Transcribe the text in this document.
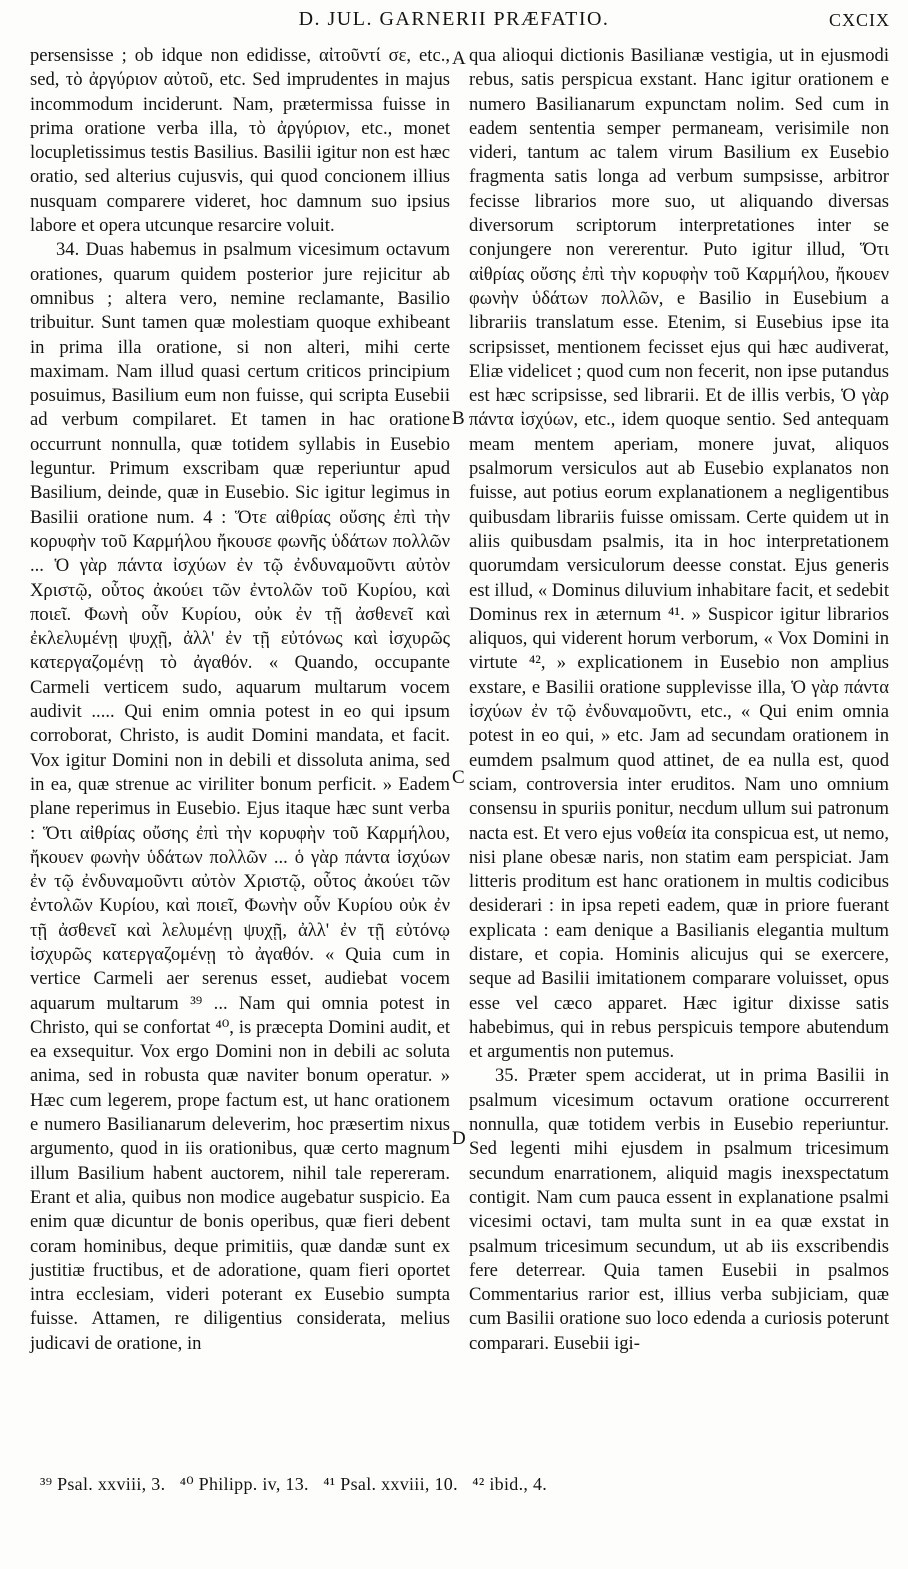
D. JUL. GARNERII PRÆFATIO.	CXCIX

persensisse ; ob idque non edidisse, αἰτοῦντί σε, etc., sed, τὸ ἀργύριον αὐτοῦ, etc. Sed imprudentes in majus incommodum inciderunt. Nam, prætermissa fuisse in prima oratione verba illa, τὸ ἀργύριον, etc., monet locupletissimus testis Basilius. Basilii igitur non est hæc oratio, sed alterius cujusvis, qui quod concionem illius nusquam comparere videret, hoc damnum suo ipsius labore et opera utcunque resarcire voluit.

34. Duas habemus in psalmum vicesimum octavum orationes, quarum quidem posterior jure rejicitur ab omnibus ; altera vero, nemine reclamante, Basilio tribuitur. Sunt tamen quæ molestiam quoque exhibeant in prima illa oratione, si non alteri, mihi certe maximam. Nam illud quasi certum criticos principium posuimus, Basilium eum non fuisse, qui scripta Eusebii ad verbum compilaret. Et tamen in hac oratione occurrunt nonnulla, quæ totidem syllabis in Eusebio leguntur. Primum exscribam quæ reperiuntur apud Basilium, deinde, quæ in Eusebio. Sic igitur legimus in Basilii oratione num. 4 : Ὅτε αἰθρίας οὔσης ἐπὶ τὴν κορυφὴν τοῦ Καρμήλου ἤκουσε φωνῆς ὑδάτων πολλῶν ... Ὁ γὰρ πάντα ἰσχύων ἐν τῷ ἐνδυναμοῦντι αὐτὸν Χριστῷ, οὗτος ἀκούει τῶν ἐντολῶν τοῦ Κυρίου, καὶ ποιεῖ. Φωνὴ οὖν Κυρίου, οὐκ ἐν τῇ ἀσθενεῖ καὶ ἐκλελυμένῃ ψυχῇ, ἀλλ' ἐν τῇ εὐτόνως καὶ ἰσχυρῶς κατεργαζομένῃ τὸ ἀγαθόν. « Quando, occupante Carmeli verticem sudo, aquarum multarum vocem audivit ..... Qui enim omnia potest in eo qui ipsum corroborat, Christo, is audit Domini mandata, et facit. Vox igitur Domini non in debili et dissoluta anima, sed in ea, quæ strenue ac viriliter bonum perficit. » Eadem plane reperimus in Eusebio. Ejus itaque hæc sunt verba : Ὅτι αἰθρίας οὔσης ἐπὶ τὴν κορυφὴν τοῦ Καρμήλου, ἤκουεν φωνὴν ὑδάτων πολλῶν ... ὁ γὰρ πάντα ἰσχύων ἐν τῷ ἐνδυναμοῦντι αὐτὸν Χριστῷ, οὗτος ἀκούει τῶν ἐντολῶν Κυρίου, καὶ ποιεῖ, Φωνὴν οὖν Κυρίου οὐκ ἐν τῇ ἀσθενεῖ καὶ λελυμένῃ ψυχῇ, ἀλλ' ἐν τῇ εὐτόνῳ ἰσχυρῶς κατεργαζομένῃ τὸ ἀγαθόν. « Quia cum in vertice Carmeli aer serenus esset, audiebat vocem aquarum multarum ³⁹ ... Nam qui omnia potest in Christo, qui se confortat ⁴⁰, is præcepta Domini audit, et ea exsequitur. Vox ergo Domini non in debili ac soluta anima, sed in robusta quæ naviter bonum operatur. » Hæc cum legerem, prope factum est, ut hanc orationem e numero Basilianarum deleverim, hoc præsertim nixus argumento, quod in iis orationibus, quæ certo magnum illum Basilium habent auctorem, nihil tale repereram. Erant et alia, quibus non modice augebatur suspicio. Ea enim quæ dicuntur de bonis operibus, quæ fieri debent coram hominibus, deque primitiis, quæ dandæ sunt ex justitiæ fructibus, et de adoratione, quam fieri oportet intra ecclesiam, videri poterant ex Eusebio sumpta fuisse. Attamen, re diligentius considerata, melius judicavi de oratione, in

qua alioqui dictionis Basilianæ vestigia, ut in ejusmodi rebus, satis perspicua exstant. Hanc igitur orationem e numero Basilianarum expunctam nolim. Sed cum in eadem sententia semper permaneam, verisimile non videri, tantum ac talem virum Basilium ex Eusebio fragmenta satis longa ad verbum sumpsisse, arbitror fecisse librarios more suo, ut aliquando diversas diversorum scriptorum interpretationes inter se conjungere non vererentur. Puto igitur illud, Ὅτι αἰθρίας οὔσης ἐπὶ τὴν κορυφὴν τοῦ Καρμήλου, ἤκουεν φωνὴν ὑδάτων πολλῶν, e Basilio in Eusebium a librariis translatum esse. Etenim, si Eusebius ipse ita scripsisset, mentionem fecisset ejus qui hæc audiverat, Eliæ videlicet ; quod cum non fecerit, non ipse putandus est hæc scripsisse, sed librarii. Et de illis verbis, Ὁ γὰρ πάντα ἰσχύων, etc., idem quoque sentio. Sed antequam meam mentem aperiam, monere juvat, aliquos psalmorum versiculos aut ab Eusebio explanatos non fuisse, aut potius eorum explanationem a negligentibus quibusdam librariis fuisse omissam. Certe quidem ut in aliis quibusdam psalmis, ita in hoc interpretationem quorumdam versiculorum deesse constat. Ejus generis est illud, « Dominus diluvium inhabitare facit, et sedebit Dominus rex in æternum ⁴¹. » Suspicor igitur librarios aliquos, qui viderent horum verborum, « Vox Domini in virtute ⁴², » explicationem in Eusebio non amplius exstare, e Basilii oratione supplevisse illa, Ὁ γὰρ πάντα ἰσχύων ἐν τῷ ἐνδυναμοῦντι, etc., « Qui enim omnia potest in eo qui, » etc. Jam ad secundam orationem in eumdem psalmum quod attinet, de ea nulla est, quod sciam, controversia inter eruditos. Nam uno omnium consensu in spuriis ponitur, necdum ullum sui patronum nacta est. Et vero ejus νοθεία ita conspicua est, ut nemo, nisi plane obesæ naris, non statim eam perspiciat. Jam litteris proditum est hanc orationem in multis codicibus desiderari : in ipsa repeti eadem, quæ in priore fuerant explicata : eam denique a Basilianis elegantia multum distare, et copia. Hominis alicujus qui se exercere, seque ad Basilii imitationem comparare voluisset, opus esse vel cæco apparet. Hæc igitur dixisse satis habebimus, qui in rebus perspicuis tempore abutendum et argumentis non putemus.

35. Præter spem acciderat, ut in prima Basilii in psalmum vicesimum octavum oratione occurrerent nonnulla, quæ totidem verbis in Eusebio reperiuntur. Sed legenti mihi ejusdem in psalmum tricesimum secundum enarrationem, aliquid magis inexspectatum contigit. Nam cum pauca essent in explanatione psalmi vicesimi octavi, tam multa sunt in ea quæ exstat in psalmum tricesimum secundum, ut ab iis exscribendis fere deterrear. Quia tamen Eusebii in psalmos Commentarius rarior est, illius verba subjiciam, quæ cum Basilii oratione suo loco edenda a curiosis poterunt comparari. Eusebii igi-

A
B
C
D
³⁹ Psal. xxviii, 3.   ⁴⁰ Philipp. iv, 13.   ⁴¹ Psal. xxviii, 10.   ⁴² ibid., 4.
